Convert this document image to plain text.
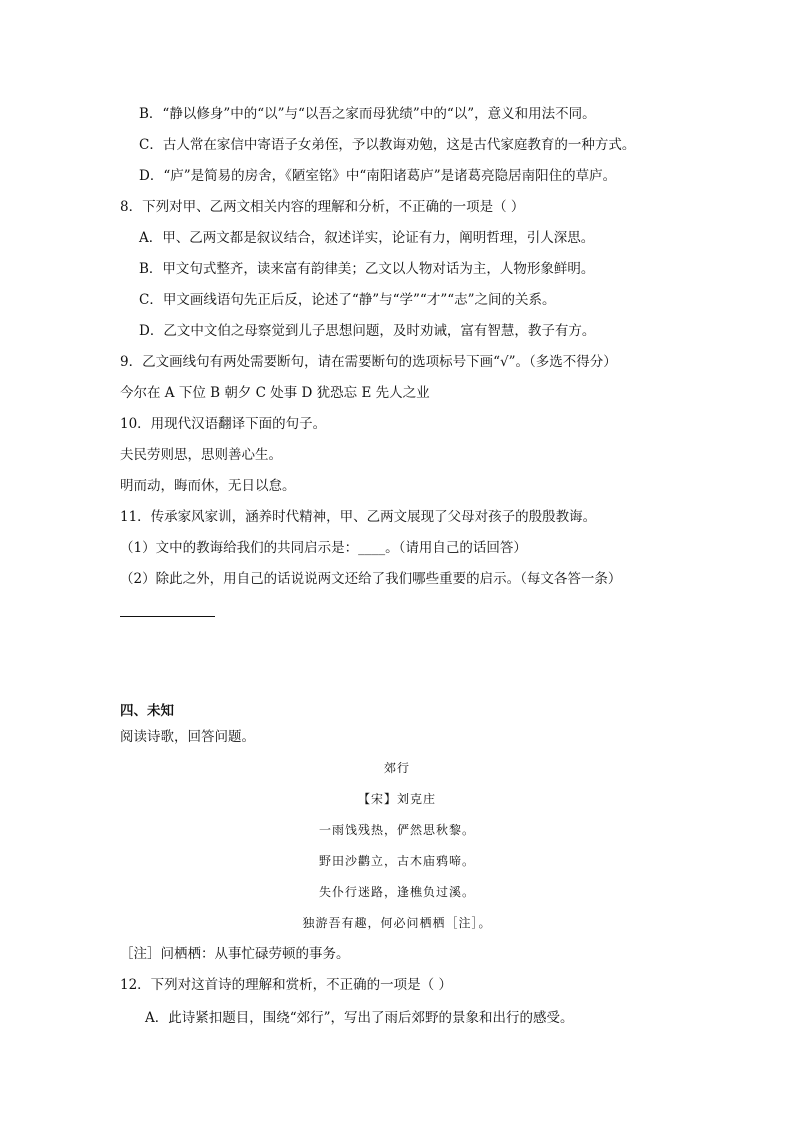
B．“静以修身”中的“以”与“以吾之家而母犹绩”中的“以”，意义和用法不同。
C．古人常在家信中寄语子女弟侄，予以教诲劝勉，这是古代家庭教育的一种方式。
D．“庐”是简易的房舍，《陋室铭》中“南阳诸葛庐”是诸葛亮隐居南阳住的草庐。
8．下列对甲、乙两文相关内容的理解和分析，不正确的一项是（ ）
A．甲、乙两文都是叙议结合，叙述详实，论证有力，阐明哲理，引人深思。
B．甲文句式整齐，读来富有韵律美；乙文以人物对话为主，人物形象鲜明。
C．甲文画线语句先正后反，论述了“静”与“学”“才”“志”之间的关系。
D．乙文中文伯之母察觉到儿子思想问题，及时劝诫，富有智慧，教子有方。
9．乙文画线句有两处需要断句，请在需要断句的选项标号下画“√”。（多选不得分）
今尔在 A 下位 B 朝夕 C 处事 D 犹恐忘 E 先人之业
10．用现代汉语翻译下面的句子。
夫民劳则思，思则善心生。
明而动，晦而休，无日以怠。
11．传承家风家训，涵养时代精神，甲、乙两文展现了父母对孩子的殷殷教诲。
（1）文中的教诲给我们的共同启示是：____。（请用自己的话回答）
（2）除此之外，用自己的话说说两文还给了我们哪些重要的启示。（每文各答一条）
四、未知
阅读诗歌，回答问题。
郊行
【宋】刘克庄
一雨饯残热，俨然思秋黎。
野田沙鹳立，古木庙鸦啼。
失仆行迷路，逢樵负过溪。
独游吾有趣，何必问栖栖［注］。
［注］问栖栖：从事忙碌劳顿的事务。
12．下列对这首诗的理解和赏析，不正确的一项是（ ）
A．此诗紧扣题目，围绕“郊行”，写出了雨后郊野的景象和出行的感受。
